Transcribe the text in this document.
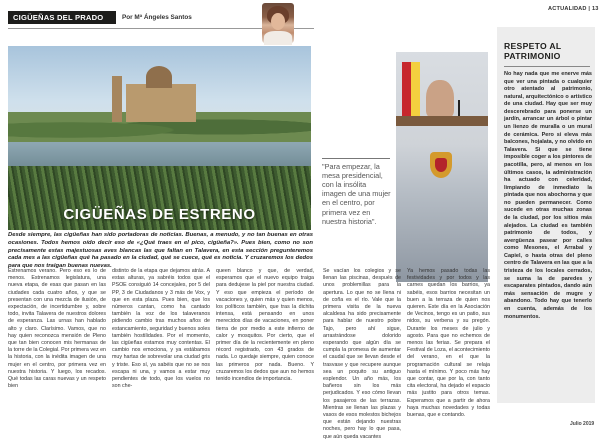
CIGÜEÑAS DEL PRADO	Por Mª Ángeles Santos
ACTUALIDAD | 13
CIGÜEÑAS DE ESTRENO
"Para empezar, la mesa presidencial, con la insólita imagen de una mujer en el centro, por primera vez en nuestra historia".
RESPETO AL
PATRIMONIO
No hay nada que me enerve más que ver una pintada o cualquier otro atentado al patrimonio, natural, arquitectónico o artístico de una ciudad. Hay que ser muy descerebrado para ponerse un jardín, arrancar un árbol o pintar un lienzo de muralla o un mural de cerámica. Pero si eleva más balcones, hojalata, y no olvido en Talavera. Si que se tiene imposible coger a los pintores de pacotilla, pero, al menos en los últimos casos, la administración ha actuado con celeridad, limpiando de inmediato la pintada que nos abochorna y que no pueden permanecer. Como sucede en otras muchas zonas de la ciudad, por los sitios más alejados. La ciudad es también patrimonio de todos, y avergüenza pasear por calles como Mesones, el Arrabal y Capiel, o hasta otras del pleno centro de Talavera en las que a la tristeza de los locales cerrados, se suma la de paredes y escaparates pintados, dando aún más sensación de mugre y abandono. Todo hay que tenerlo en cuenta, además de los monumentos.
Julio 2019
Desde siempre, las cigüeñas han sido portadoras de noticias. Buenas, a menudo, y no tan buenas en otras ocasiones. Todos hemos oído decir eso de «¿Qué traes en el pico, cigüeña?». Pues bien, como no son precisamente estas majestuosas aves blancas las que faltan en Talavera, en esta sección pregunteremos cada mes a las cigüeñas qué ha pasado en la ciudad, qué se cuece, qué es noticia. Y cruzaremos los dedos para que nos traigan buenas nuevas.
Estrenamos verano. Pero eso es lo de menos. Estrenamos legislatura, una nueva etapa, de esas que pasan en las ciudades cada cuatro años, y que se presentan con una mezcla de ilusión, de expectación, de incertidumbre y, sobre todo, invita Talavera de nuestros dolores de esperanza. Las urnas han hablado alto y claro. Clarísimo. Vamos, que no hay quien reconozca mensión de Pleno que tan bien conocen mis hermanas de la torre de la Colegial. Por primera vez en la historia, con la inédita imagen de una mujer en el centro, por primera vez en nuestra historia. Y luego, los recados. Qué todas las caras nuevas y un respeto bien
distinto de la etapa que dejamos atrás. A estas alturas, ya sabréis todos que el PSOE consiguió 14 concejales, por 5 del PP, 3 de Ciudadanos y 3 más de Vox, y que en esta plaza. Pues bien, que los números cantan, como ha cantado también la voz de los talaveranos pidiendo cambio tras muchos años de estancamiento, seguridad y buenos soles también hostilidades. Por el momento, las cigüeñas estamos muy contentas. El cambio nos emociona, y ya estábamos muy hartas de sobrevolar una ciudad gris y triste. Eso sí, ya sabéis que no se nos escapa ni una, y vamos a estar muy pendientes de todo, que los vuelos no son che-
queen blanco y que, de verdad, esperamos que el nuevo equipo traiga para dedujese la piel por nuestra ciudad. Y eso que empieza el período de vacaciones y, quien más y quien menos, los políticos también, que tras la dichita intensa, está pensando en unos merecidos días de vacaciones, en poner tierra de por medio a este infierno de calor y mosquitos. Por cierto, que el primer día de la recientemente en pleno récord registrado, con 43 grados de nada. Lo quedaje siempre, quien conoce las primeros por nada. Bueno. Y cruzaremos los dedos que aun no hemos tenido incendios de importancia.
Se vacían los colegios y se llenan las piscinas, después de unos problemillas para la apertura. Lo que no se llena ni de coña es el río. Vale que la primera visita de la nueva alcaldesa ha sido precisamente para hablar de nuestro pobre Tajo, pero ahí sigue, arrastrándose dolorido esperando que algún día se cumpla la promesa de aumentar el caudal que se llevan desde el trasvase y que recupere aunque sea un poquito su antiguo esplendor. Un año más, los bañeros sin los más perjudicados. Y eso cómo llevan los pasajeros de las terrazas. Mientras se llenan las plazas y vasos de esos molestos bichejos que están dejando nuestras noches, pero hay lo que pasa, que aún queda vacantes
Ya hemos pasado todas las festividades y por todos y las carnes quedan los barrios, ya sabéis, esos barrios necesitan un buen a la terraza de quien nos quieren. Este día en la Asociación de Vecinos, tengo es un patio, sus nidos, su verbena y su pregón. Durante los meses de julio y agosto. Para que no echemos de menos las ferias. Se prepara el Festival de Loza, el acontecimiento del verano, en el que la programación cultural se relaja hasta el mínimo. Y poco más hay que contar, que por la, con tanto cita electoral, ha dejado el espacio más justito para otros temas. Esperamos que a partir de ahora haya muchas novedades y todas buenas, que e contando.
